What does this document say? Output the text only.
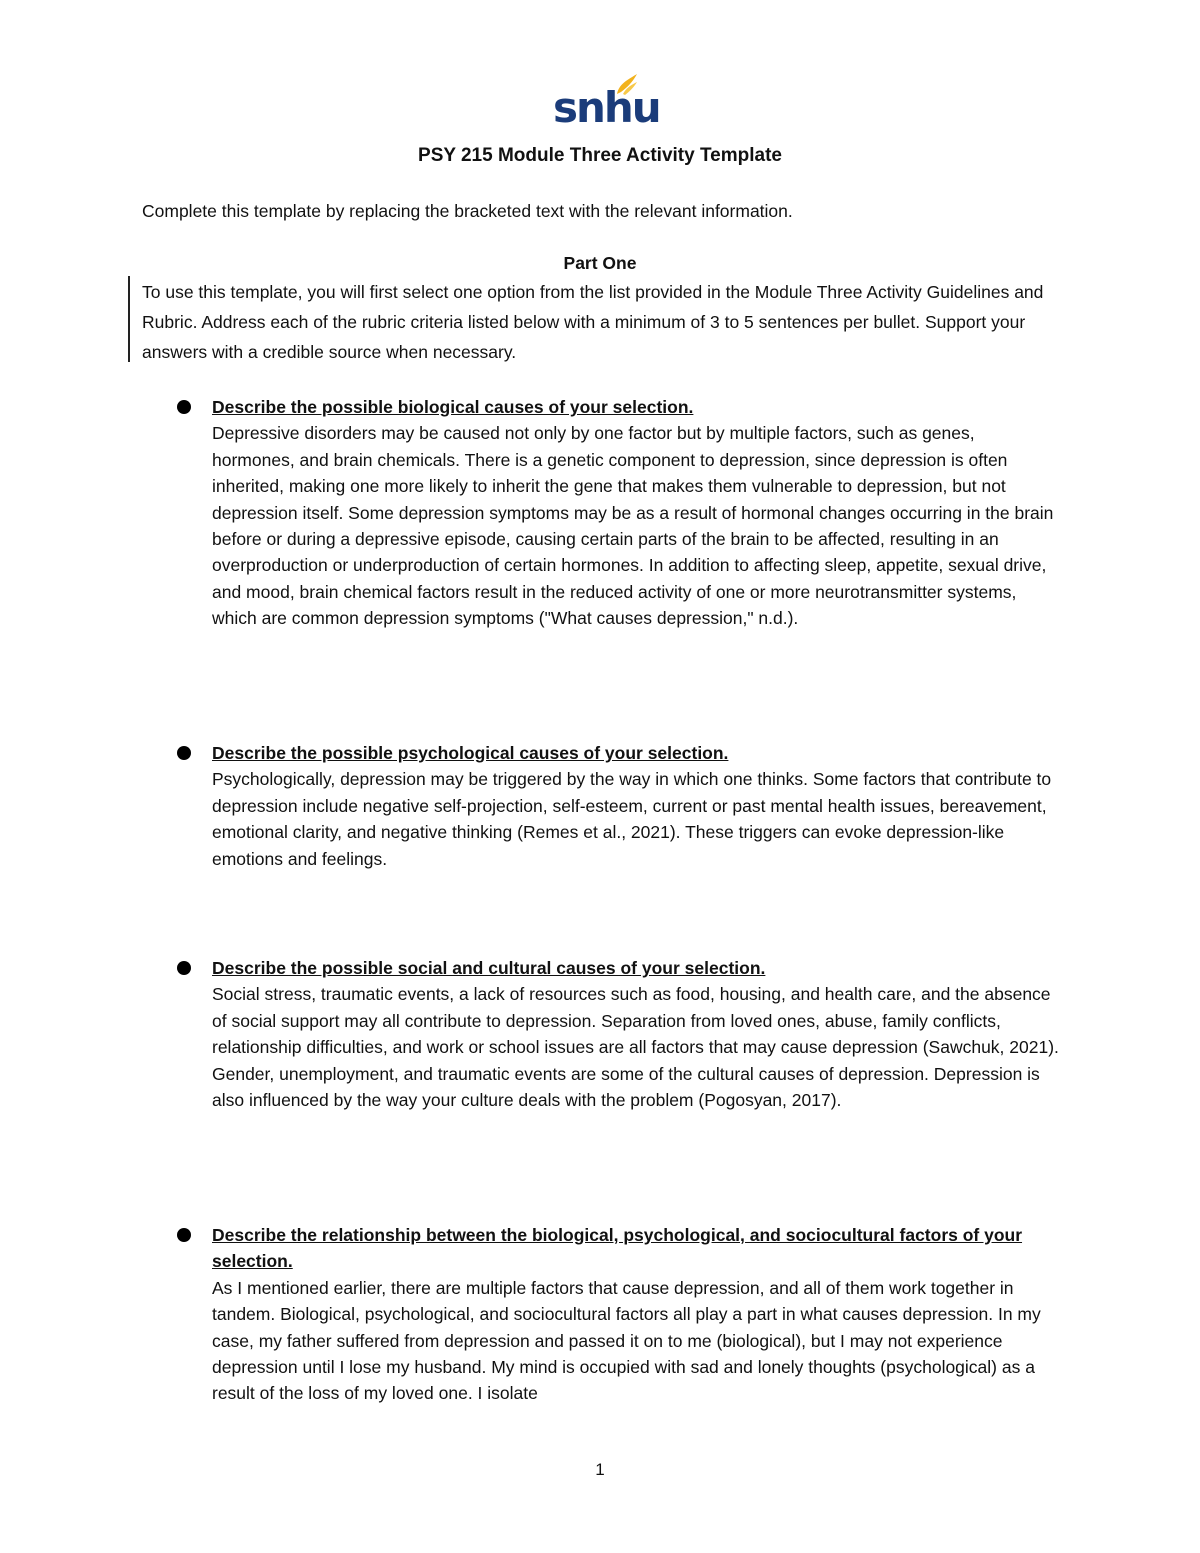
snhu
PSY 215 Module Three Activity Template
Complete this template by replacing the bracketed text with the relevant information.
Part One
To use this template, you will first select one option from the list provided in the Module Three Activity Guidelines and Rubric. Address each of the rubric criteria listed below with a minimum of 3 to 5 sentences per bullet. Support your answers with a credible source when necessary.
Describe the possible biological causes of your selection.
Depressive disorders may be caused not only by one factor but by multiple factors, such as genes, hormones, and brain chemicals. There is a genetic component to depression, since depression is often inherited, making one more likely to inherit the gene that makes them vulnerable to depression, but not depression itself. Some depression symptoms may be as a result of hormonal changes occurring in the brain before or during a depressive episode, causing certain parts of the brain to be affected, resulting in an overproduction or underproduction of certain hormones. In addition to affecting sleep, appetite, sexual drive, and mood, brain chemical factors result in the reduced activity of one or more neurotransmitter systems, which are common depression symptoms ("What causes depression," n.d.).
Describe the possible psychological causes of your selection.
Psychologically, depression may be triggered by the way in which one thinks. Some factors that contribute to depression include negative self-projection, self-esteem, current or past mental health issues, bereavement, emotional clarity, and negative thinking (Remes et al., 2021). These triggers can evoke depression-like emotions and feelings.
Describe the possible social and cultural causes of your selection.
Social stress, traumatic events, a lack of resources such as food, housing, and health care, and the absence of social support may all contribute to depression. Separation from loved ones, abuse, family conflicts, relationship difficulties, and work or school issues are all factors that may cause depression (Sawchuk, 2021). Gender, unemployment, and traumatic events are some of the cultural causes of depression. Depression is also influenced by the way your culture deals with the problem (Pogosyan, 2017).
Describe the relationship between the biological, psychological, and sociocultural factors of your selection.
As I mentioned earlier, there are multiple factors that cause depression, and all of them work together in tandem. Biological, psychological, and sociocultural factors all play a part in what causes depression. In my case, my father suffered from depression and passed it on to me (biological), but I may not experience depression until I lose my husband. My mind is occupied with sad and lonely thoughts (psychological) as a result of the loss of my loved one. I isolate
1
